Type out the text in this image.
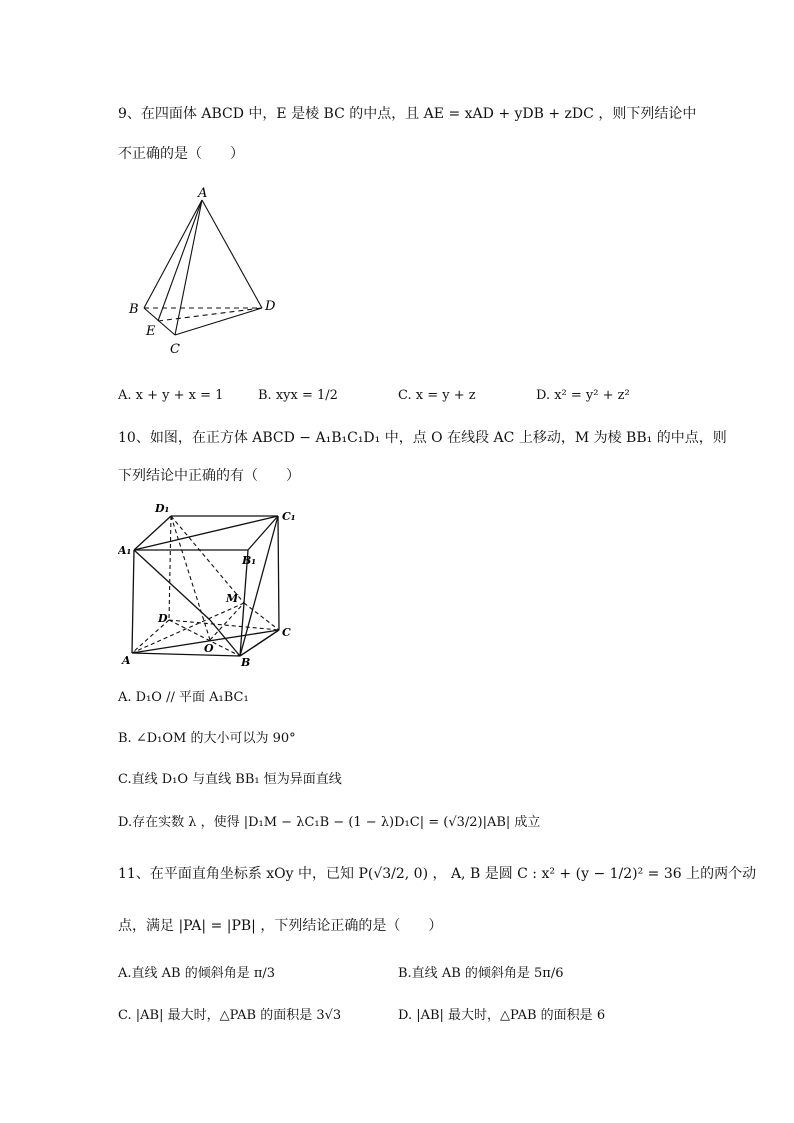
9、在四面体 ABCD 中，E 是棱 BC 的中点，且 AE = xAD + yDB + zDC ，则下列结论中
不正确的是（　　）
A
B
E
C
D
A. x + y + x = 1	B. xyx = 1/2	C. x = y + z	D. x² = y² + z²
10、如图，在正方体 ABCD − A₁B₁C₁D₁ 中，点 O 在线段 AC 上移动，M 为棱 BB₁ 的中点，则
下列结论中正确的有（　　）
D₁
C₁
A₁
B₁
M
D
C
O
A	B
A. D₁O // 平面 A₁BC₁
B. ∠D₁OM 的大小可以为 90°
C.直线 D₁O 与直线 BB₁ 恒为异面直线
D.存在实数 λ ，使得 |D₁M − λC₁B − (1 − λ)D₁C| = (√3/2)|AB| 成立
11、在平面直角坐标系 xOy 中，已知 P(√3/2, 0) ， A, B 是圆 C : x² + (y − 1/2)² = 36 上的两个动
点，满足 |PA| = |PB| ，下列结论正确的是（　　）
A.直线 AB 的倾斜角是 π/3	B.直线 AB 的倾斜角是 5π/6
C. |AB| 最大时，△PAB 的面积是 3√3	D. |AB| 最大时，△PAB 的面积是 6
